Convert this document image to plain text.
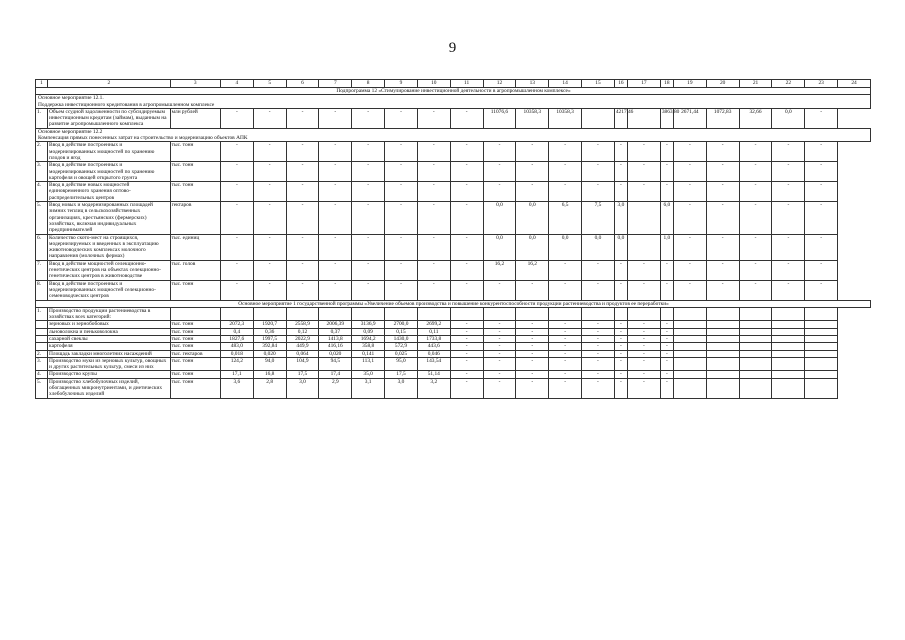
9
1	2	3	4	5	6	7	8	9	10	11	12	13	14	15	16	17	18	19	20	21	22	23	24
Подпрограмма 12 «Стимулирование инвестиционной деятельности в агропромышленном комплексе»																							
Основное мероприятие 12.1.
Поддержка инвестиционного кредитования в агропромышленном комплексе																							
1.	Объем ссудной задолженности по субсидируемым инвестиционным кредитам (займам), выданным на развитие агропромышленного комплекса	млн рублей	-	-	-	-	-	-	-	-	11076,6	10358,3	10358,3		4217,46		3863,80	2671,44	1072,83	32,66	0,0	-	
Основное мероприятие 12.2
Компенсация прямых понесенных затрат на строительство и модернизацию объектов АПК																							
2.	Ввод в действие построенных и модернизированных мощностей по хранению плодов и ягод	тыс. тонн	-	-	-	-	-	-	-	-	-	-	-	-	-	-	-	-	-	-	-	-	
3.	Ввод в действие построенных и модернизированных мощностей по хранению картофеля и овощей открытого грунта	тыс. тонн	-	-	-	-	-	-	-	-	-	-	-	-	-	-	-	-	-	-	-	-	
4.	Ввод в действие новых мощностей единовременного хранения оптово-распределительных центров	тыс. тонн	-	-	-	-	-	-	-	-	-	-	-	-	-	-	-	-	-	-	-	-	
5.	Ввод новых и модернизированных площадей зимних теплиц в сельскохозяйственных организациях, крестьянских (фермерских) хозяйствах, включая индивидуальных предпринимателей	гектаров	-	-	-	-	-	-	-	-	0,0	0,0	6,5	7,5	3,0		6,0	-	-	-	-	-	
6.	Количество ското-мест на строящихся, модернизируемых и введенных в эксплуатацию животноводческих комплексах молочного направления (молочных фермах)	тыс. единиц	-	-	-	-	-	-	-	-	0,0	0,0	0,0	0,0	0,0		1,0	-	-	-	-	-	
7.	Ввод в действие мощностей селекционно-генетических центров на объектах селекционно-генетических центров в животноводстве	тыс. голов	-	-	-	-	-	-	-	-	16,2	16,2	-	-	-	-	-	-	-	-	-	-	
8.	Ввод в действие построенных и модернизированных мощностей селекционно-семеноводческих центров	тыс. тонн	-	-	-	-	-	-	-	-	-	-	-	-	-	-	-	-	-	-	-	-	
Основное мероприятие 1 государственной программы «Увеличение объемов производства и повышение конкурентоспособности продукции растениеводства и продуктов ее переработки»																							
1.	Производство продукции растениеводства в хозяйствах всех категорий:																						
	зерновых и зернобобовых	тыс. тонн	2072,3	1920,7	2558,9	2006,39	3136,9	2700,0	2699,2	-	-	-	-	-	-	-	-						
	льноволокна и пеньковолокна	тыс. тонн	0,4	0,36	0,12	0,37	0,09	0,15	0,11	-	-	-	-	-	-	-	-						
	сахарной свеклы	тыс. тонн	1827,6	1997,5	2022,9	1413,8	1694,2	1430,0	1733,8	-	-	-	-	-	-	-	-						
	картофеля	тыс. тонн	483,0	392,84	449,9	416,16	358,8	572,9	443,6	-	-	-	-	-	-	-	-						
2.	Площадь закладки многолетних насаждений	тыс. гектаров	0,018	0,020	0,064	0,020	0,141	0,025	0,046	-	-	-	-	-	-	-	-						
3.	Производство муки из зерновых культур, овощных и других растительных культур, смеси из них	тыс. тонн	124,2	94,0	104,9	94,5	113,1	95,0	143,54	-	-	-	-	-	-	-	-						
4.	Производство крупы	тыс. тонн	17,1	16,8	17,5	17,4	35,0	17,5	51,14	-	-	-	-	-	-	-	-						
5.	Производство хлебобулочных изделий, обогащенных микронутриентами, и диетических хлебобулочных изделий	тыс. тонн	3,6	2,8	3,0	2,9	3,1	3,0	3,2	-	-	-	-	-	-	-	-						
